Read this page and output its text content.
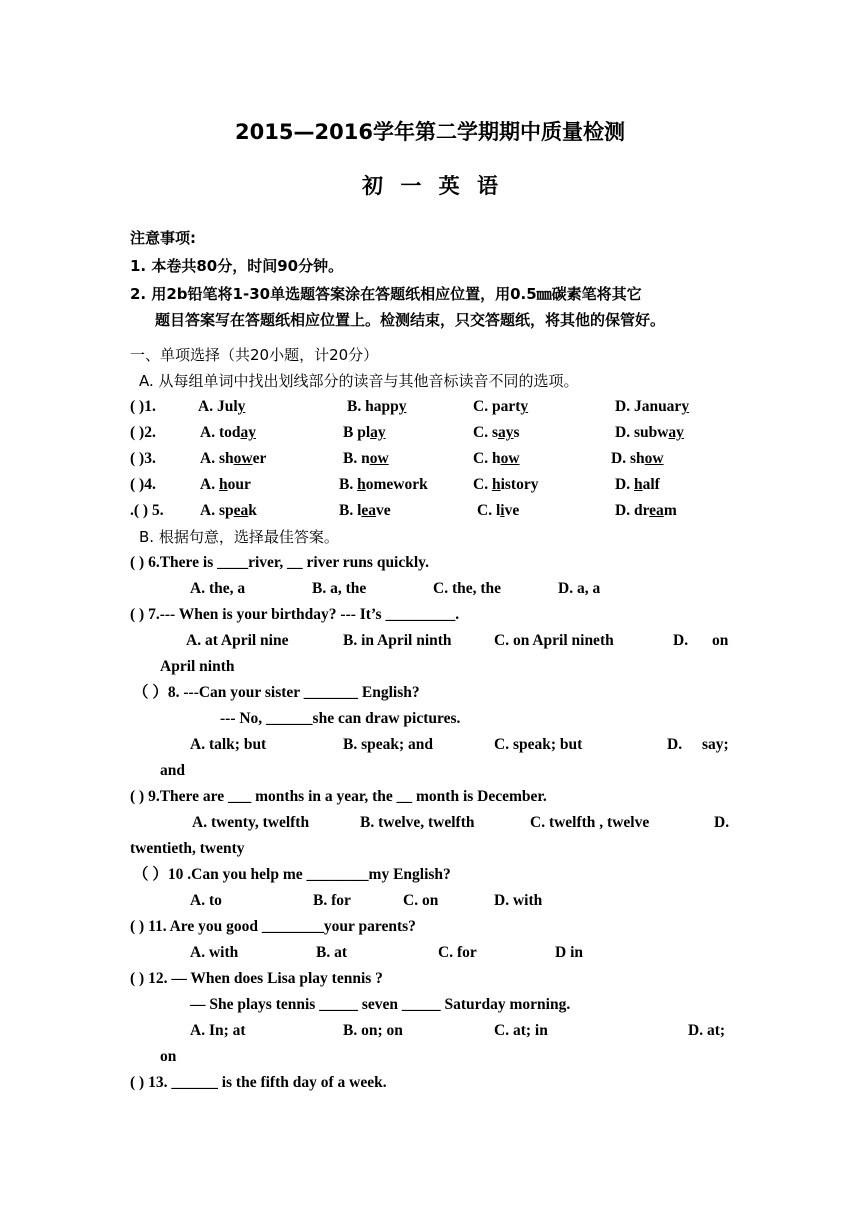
2015—2016学年第二学期期中质量检测
初 一 英 语
注意事项:
1. 本卷共80分，时间90分钟。
2. 用2b铅笔将1-30单选题答案涂在答题纸相应位置，用0.5㎜碳素笔将其它
题目答案写在答题纸相应位置上。检测结束，只交答题纸，将其他的保管好。
一、单项选择（共20小题，计20分）
A. 从每组单词中找出划线部分的读音与其他音标读音不同的选项。
( )1.	A. July	B. happy	C. party	D. January
( )2.	A. today	B play	C. says	D. subway
( )3.	A. shower	B. now	C. how	D. show
( )4.	A. hour	B. homework	C. history	D. half
.( ) 5. A. speak	B. leave	C. live	D. dream
B. 根据句意，选择最佳答案。
( ) 6.There is ____river, __ river runs quickly.
A. the, a	B. a, the	C. the, the	D. a, a
( ) 7.--- When is your birthday? --- It’s _________.
A. at April nine	B. in April ninth	C. on April nineth	D. on
April ninth
（ ）8. ---Can your sister _______ English?
--- No, ______she can draw pictures.
A. talk; but	B. speak; and	C. speak; but	D. say;
and
( ) 9.There are ___ months in a year, the __ month is December.
A. twenty, twelfth	B. twelve, twelfth	C. twelfth , twelve	D.
twentieth, twenty
（ ）10 .Can you help me ________my English?
A. to	B. for	C. on	D. with
( ) 11. Are you good ________your parents?
A. with	B. at	C. for	D in
( ) 12. — When does Lisa play tennis ?
— She plays tennis _____ seven _____ Saturday morning.
A. In; at	B. on; on	C. at; in	D. at;
on
( ) 13. ______ is the fifth day of a week.
